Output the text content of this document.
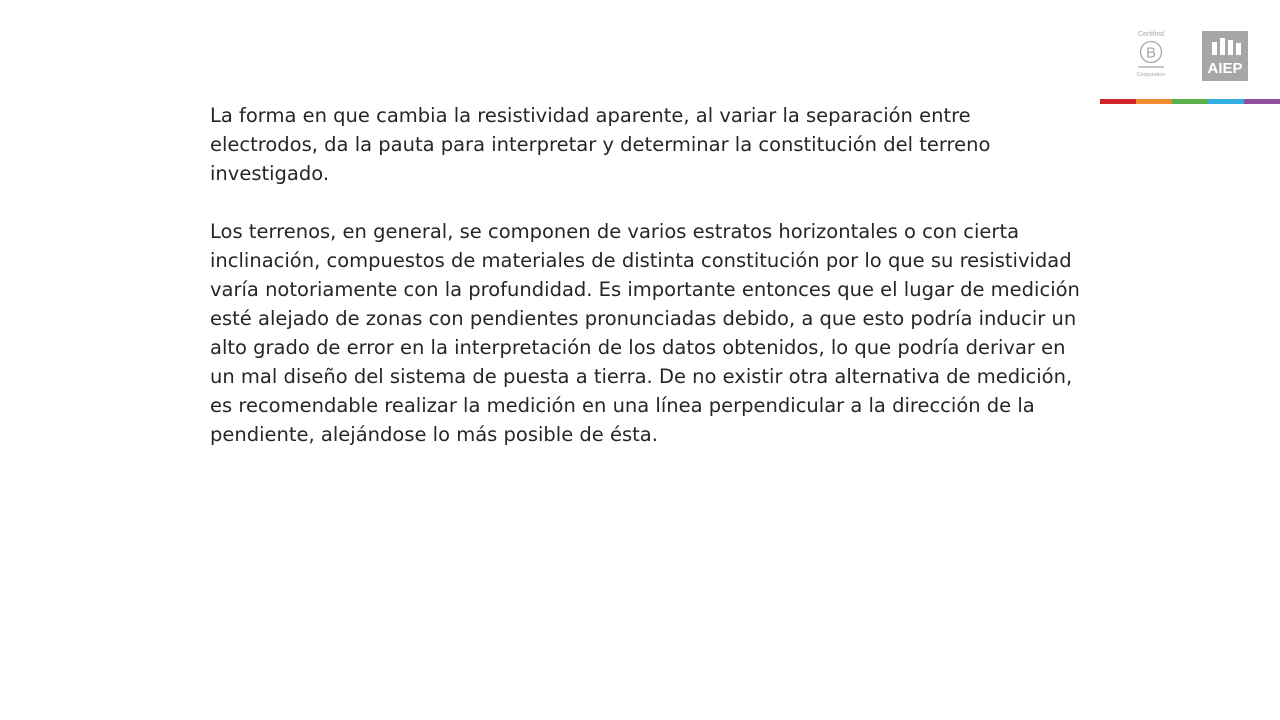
Certified
B
Corporation	AIEP

La forma en que cambia la resistividad aparente, al variar la separación entre electrodos, da la pauta para interpretar y determinar la constitución del terreno investigado.

Los terrenos, en general, se componen de varios estratos horizontales o con cierta inclinación, compuestos de materiales de distinta constitución por lo que su resistividad varía notoriamente con la profundidad. Es importante entonces que el lugar de medición esté alejado de zonas con pendientes pronunciadas debido, a que esto podría inducir un alto grado de error en la interpretación de los datos obtenidos, lo que podría derivar en un mal diseño del sistema de puesta a tierra. De no existir otra alternativa de medición, es recomendable realizar la medición en una línea perpendicular a la dirección de la pendiente, alejándose lo más posible de ésta.
